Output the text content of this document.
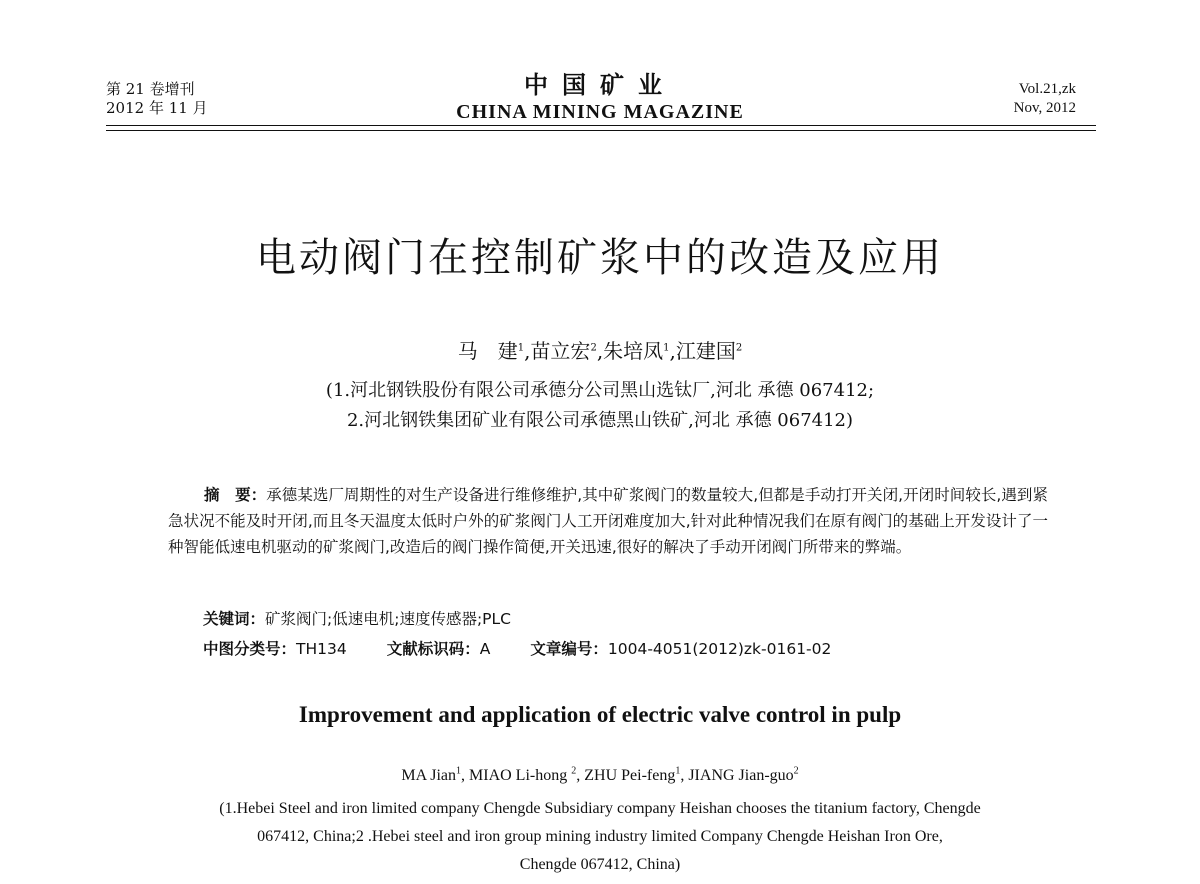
第 21 卷增刊
2012 年 11 月
中国矿业
CHINA MINING MAGAZINE
Vol.21,zk
Nov, 2012
电动阀门在控制矿浆中的改造及应用
马　建$^1$,苗立宏$^2$,朱培凤$^1$,江建国$^2$
(1.河北钢铁股份有限公司承德分公司黑山选钛厂,河北 承德 067412;
2.河北钢铁集团矿业有限公司承德黑山铁矿,河北 承德 067412)
摘　要：承德某选厂周期性的对生产设备进行维修维护,其中矿浆阀门的数量较大,但都是手动打开关闭,开闭时间较长,遇到紧急状况不能及时开闭,而且冬天温度太低时户外的矿浆阀门人工开闭难度加大,针对此种情况我们在原有阀门的基础上开发设计了一种智能低速电机驱动的矿浆阀门,改造后的阀门操作简便,开关迅速,很好的解决了手动开闭阀门所带来的弊端。
关键词：矿浆阀门;低速电机;速度传感器;PLC
中图分类号：TH134	文献标识码：A	文章编号：1004-4051(2012)zk-0161-02
Improvement and application of electric valve control in pulp
MA Jian$^1$, MIAO Li-hong $^2$, ZHU Pei-feng$^1$, JIANG Jian-guo$^2$
(1.Hebei Steel and iron limited company Chengde Subsidiary company Heishan chooses the titanium factory, Chengde
067412, China;2 .Hebei steel and iron group mining industry limited Company Chengde Heishan Iron Ore,
Chengde 067412, China)
